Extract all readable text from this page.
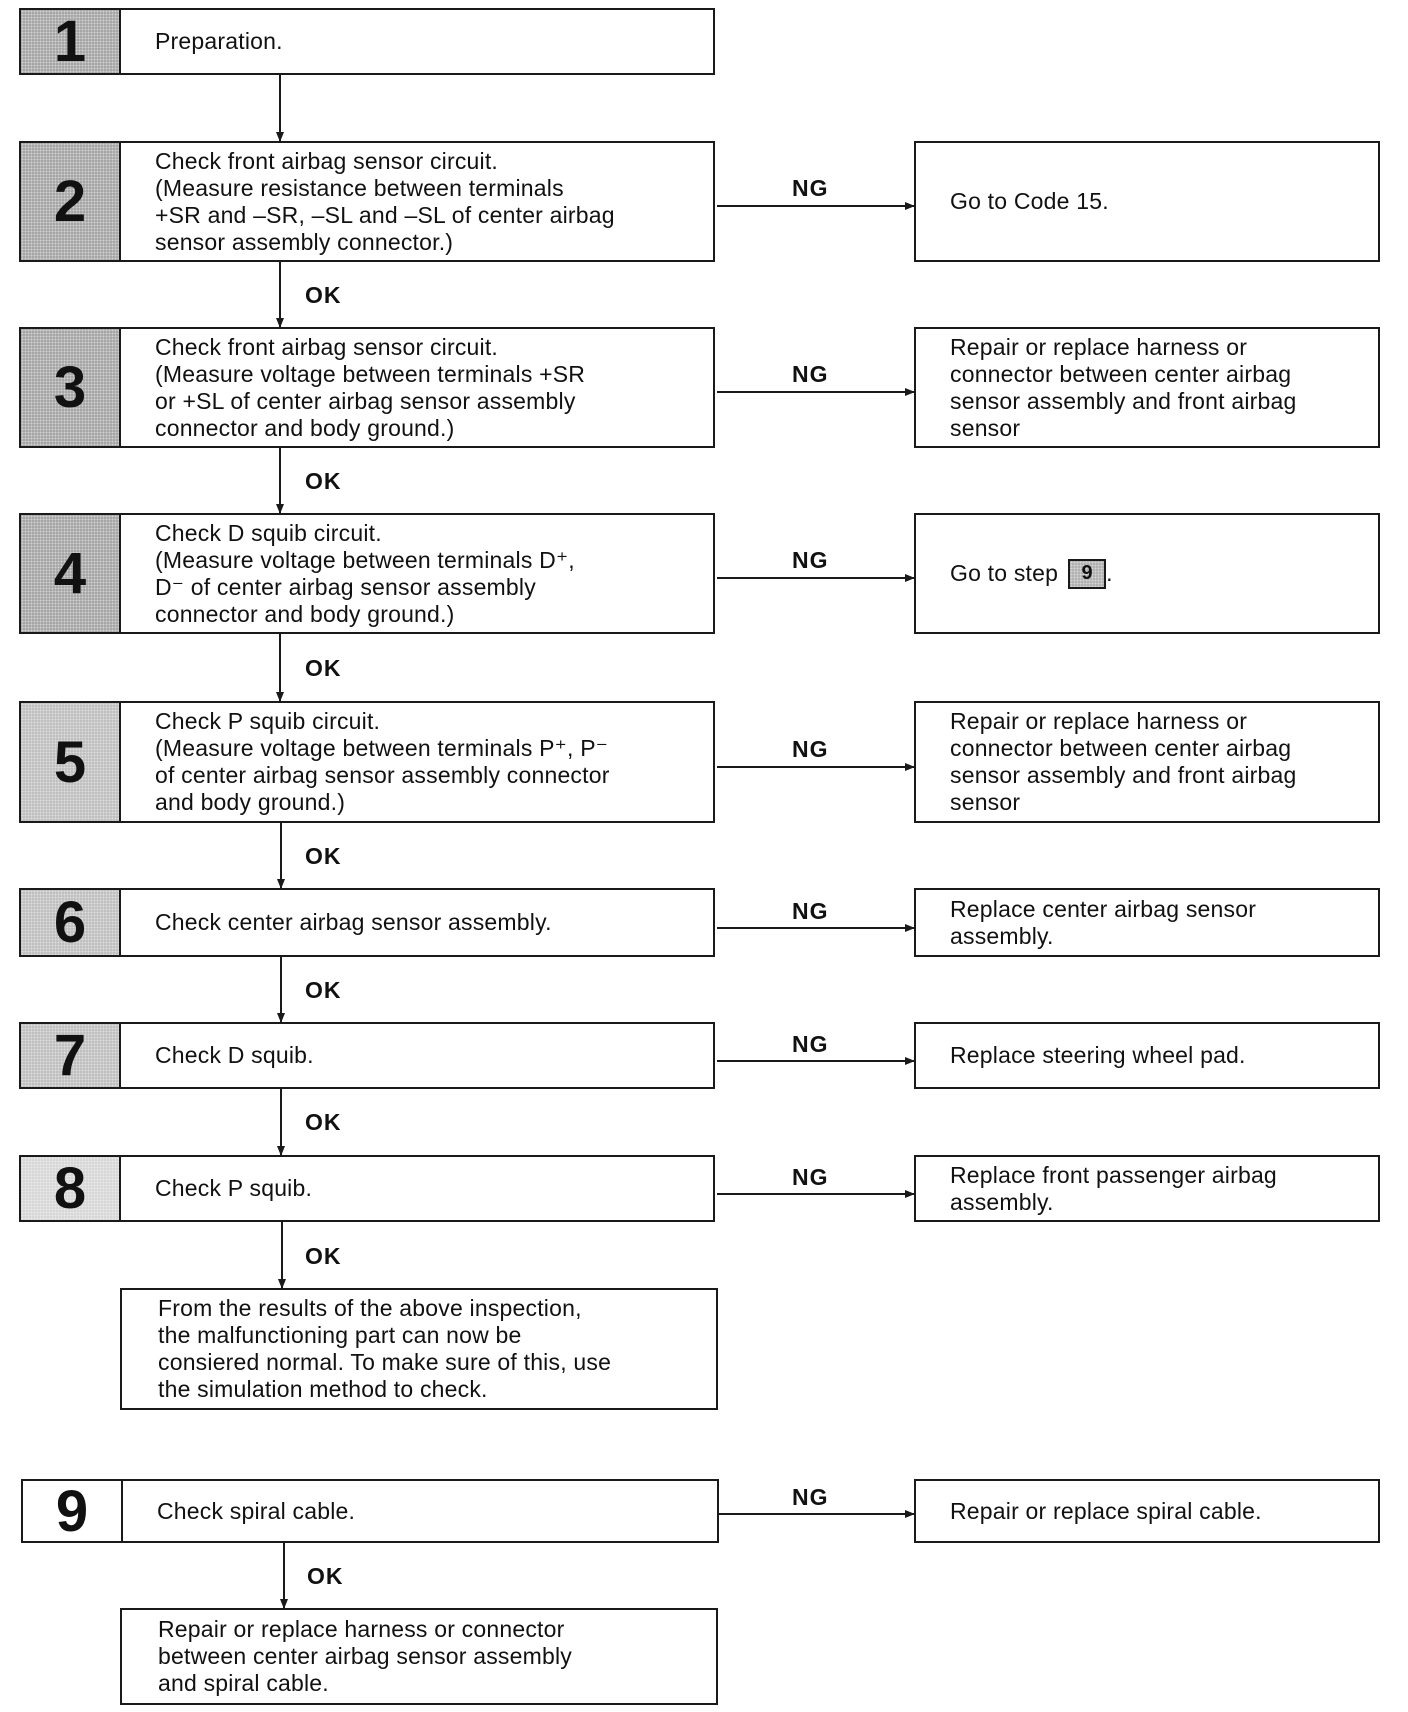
1	Preparation.
2
Check front airbag sensor circuit.
(Measure resistance between terminals
+SR and –SR, –SL and –SL of center airbag
sensor assembly connector.)
3
Check front airbag sensor circuit.
(Measure voltage between terminals +SR
or +SL of center airbag sensor assembly
connector and body ground.)
4
Check D squib circuit.
(Measure voltage between terminals D⁺,
D⁻ of center airbag sensor assembly
connector and body ground.)
5
Check P squib circuit.
(Measure voltage between terminals P⁺, P⁻
of center airbag sensor assembly connector
and body ground.)
6	Check center airbag sensor assembly.
7	Check D squib.
8	Check P squib.
9	Check spiral cable.
Go to Code 15.
Repair or replace harness or
connector between center airbag
sensor assembly and front airbag
sensor
Go to step	9 .
Repair or replace harness or
connector between center airbag
sensor assembly and front airbag
sensor
Replace center airbag sensor
assembly.
Replace steering wheel pad.
Replace front passenger airbag
assembly.
Repair or replace spiral cable.
From the results of the above inspection,
the malfunctioning part can now be
consiered normal. To make sure of this, use
the simulation method to check.
Repair or replace harness or connector
between center airbag sensor assembly
and spiral cable.
OK
OK
OK
OK
OK
OK
OK
OK
NG
NG
NG
NG
NG
NG
NG
NG
